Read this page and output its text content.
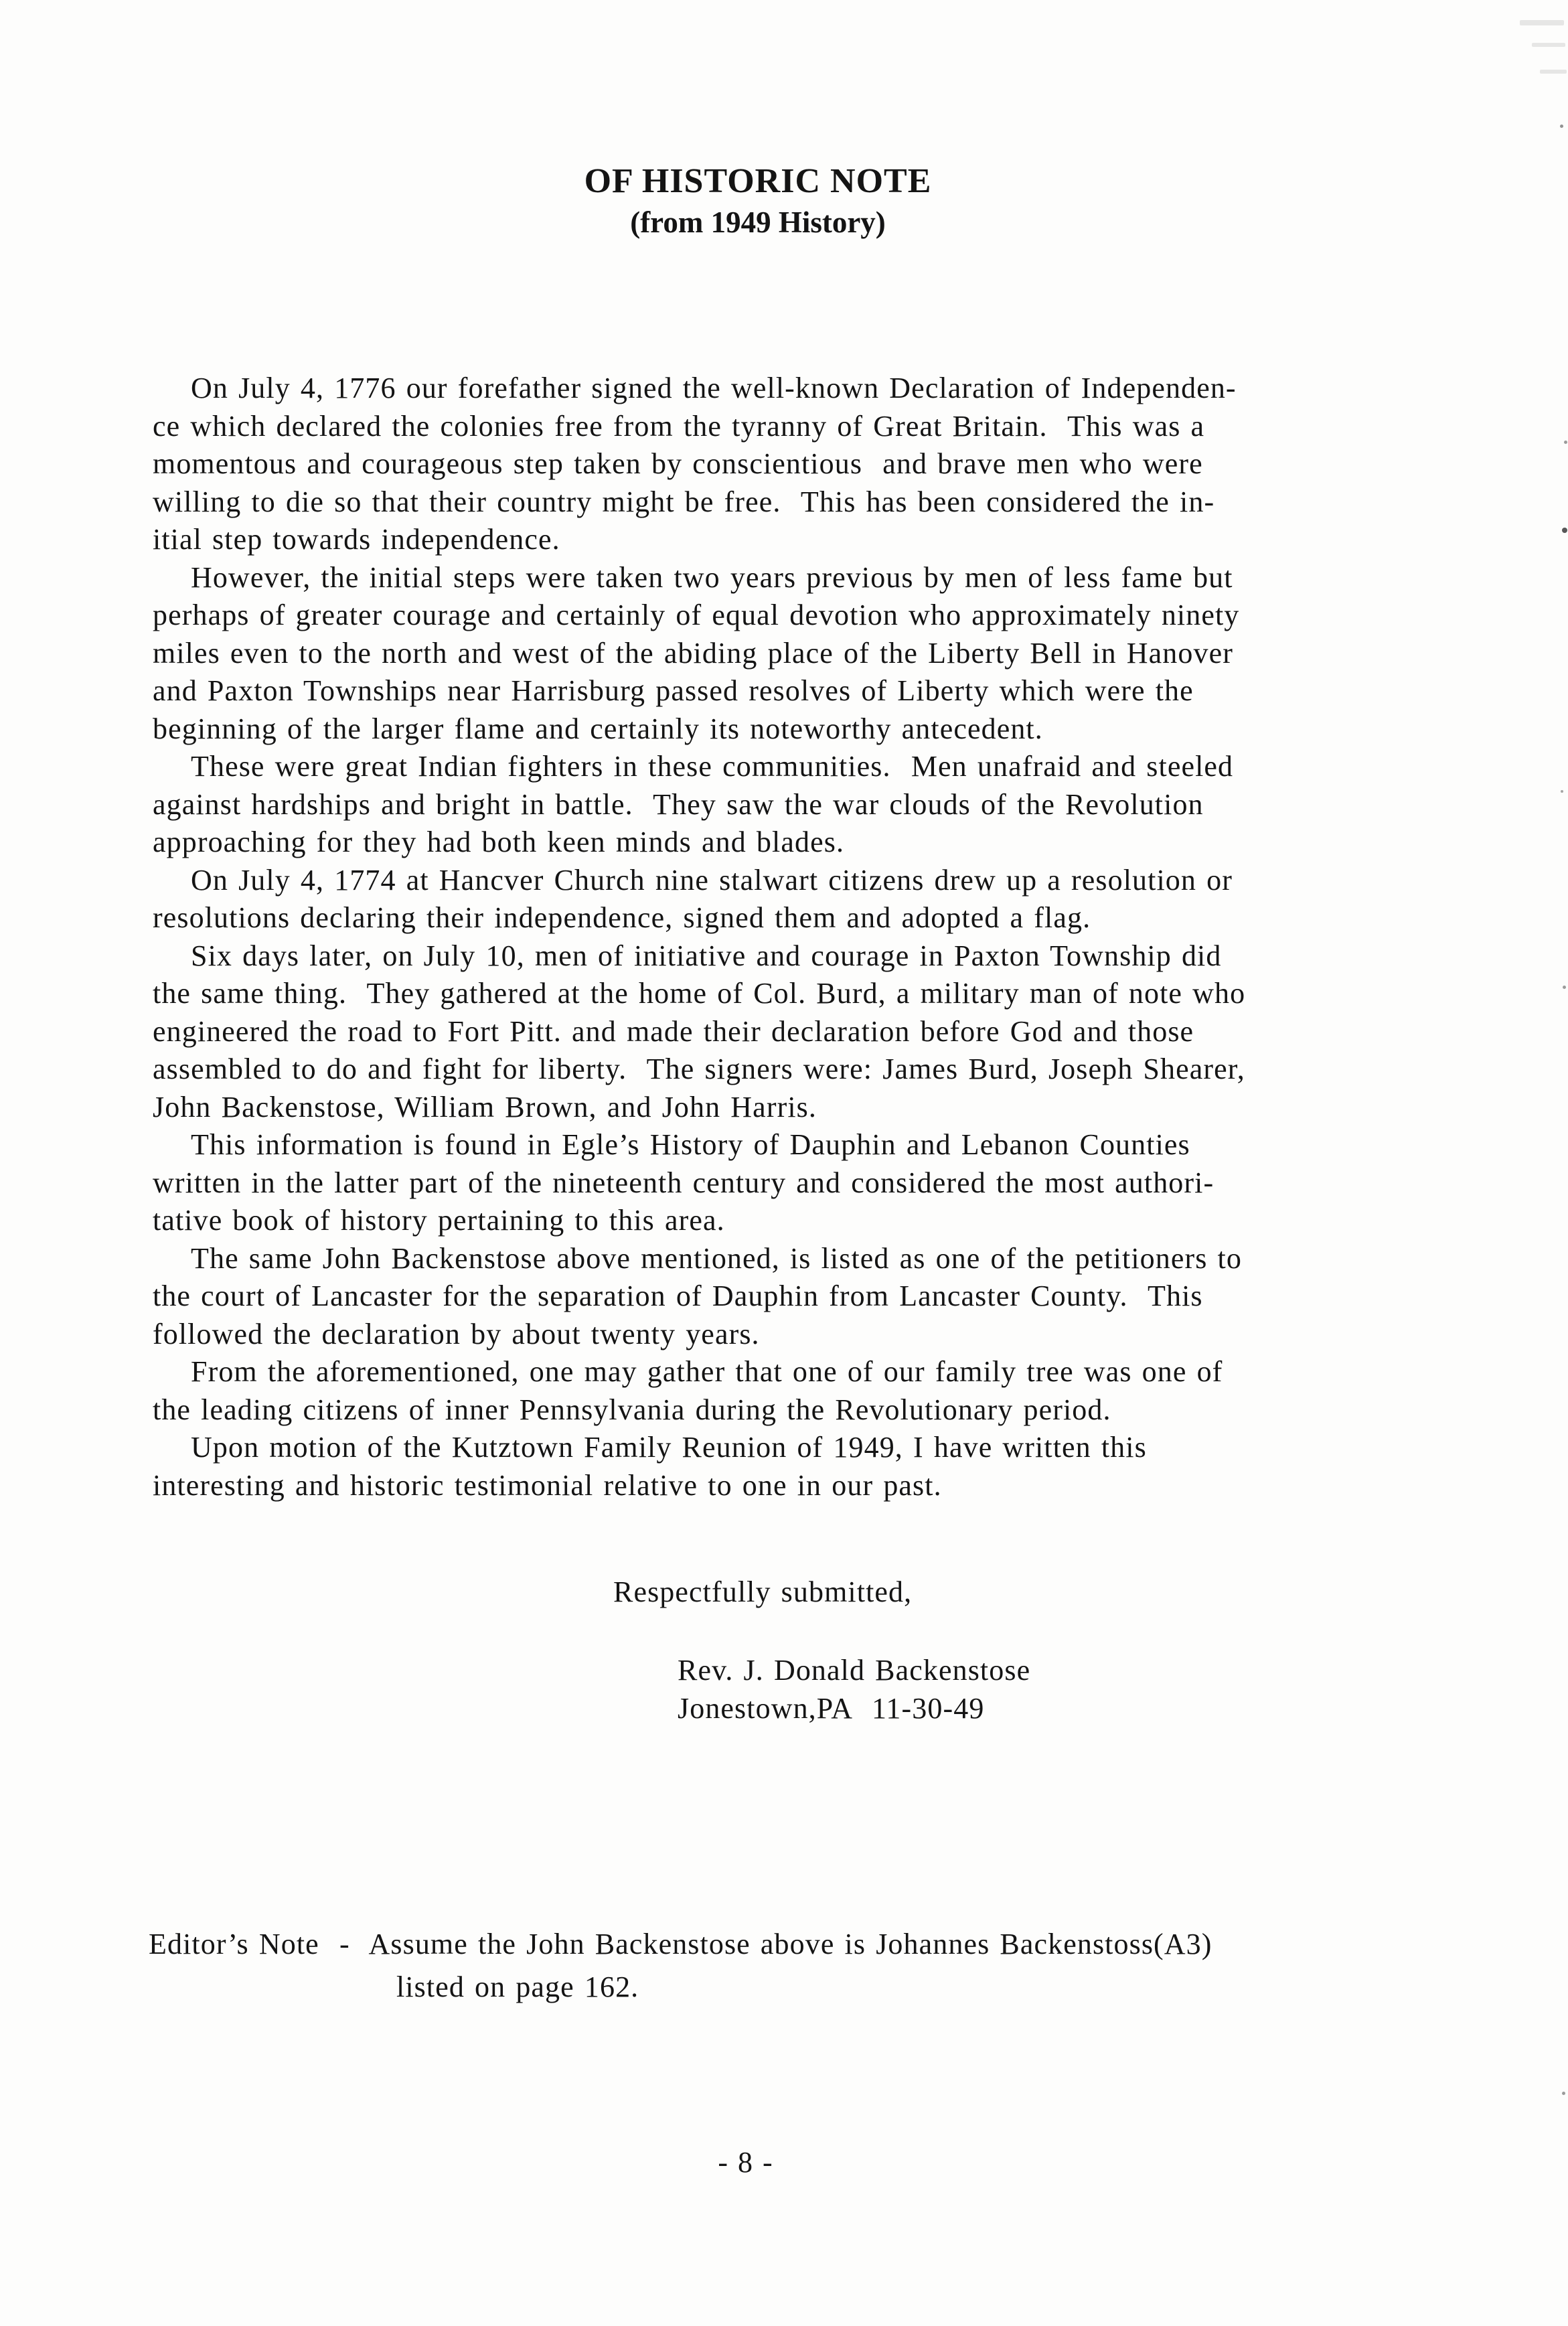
OF HISTORIC NOTE
(from 1949 History)
On July 4, 1776 our forefather signed the well-known Declaration of Independen-
ce which declared the colonies free from the tyranny of Great Britain.  This was a
momentous and courageous step taken by conscientious  and brave men who were
willing to die so that their country might be free.  This has been considered the in-
itial step towards independence.
However, the initial steps were taken two years previous by men of less fame but
perhaps of greater courage and certainly of equal devotion who approximately ninety
miles even to the north and west of the abiding place of the Liberty Bell in Hanover
and Paxton Townships near Harrisburg passed resolves of Liberty which were the
beginning of the larger flame and certainly its noteworthy antecedent.
These were great Indian fighters in these communities.  Men unafraid and steeled
against hardships and bright in battle.  They saw the war clouds of the Revolution
approaching for they had both keen minds and blades.
On July 4, 1774 at Hancver Church nine stalwart citizens drew up a resolution or
resolutions declaring their independence, signed them and adopted a flag.
Six days later, on July 10, men of initiative and courage in Paxton Township did
the same thing.  They gathered at the home of Col. Burd, a military man of note who
engineered the road to Fort Pitt. and made their declaration before God and those
assembled to do and fight for liberty.  The signers were: James Burd, Joseph Shearer,
John Backenstose, William Brown, and John Harris.
This information is found in Egle’s History of Dauphin and Lebanon Counties
written in the latter part of the nineteenth century and considered the most authori-
tative book of history pertaining to this area.
The same John Backenstose above mentioned, is listed as one of the petitioners to
the court of Lancaster for the separation of Dauphin from Lancaster County.  This
followed the declaration by about twenty years.
From the aforementioned, one may gather that one of our family tree was one of
the leading citizens of inner Pennsylvania during the Revolutionary period.
Upon motion of the Kutztown Family Reunion of 1949, I have written this
interesting and historic testimonial relative to one in our past.
Respectfully submitted,
Rev. J. Donald Backenstose
Jonestown,PA  11-30-49
Editor’s Note  -  Assume the John Backenstose above is Johannes Backenstoss(A3)
listed on page 162.
- 8 -
